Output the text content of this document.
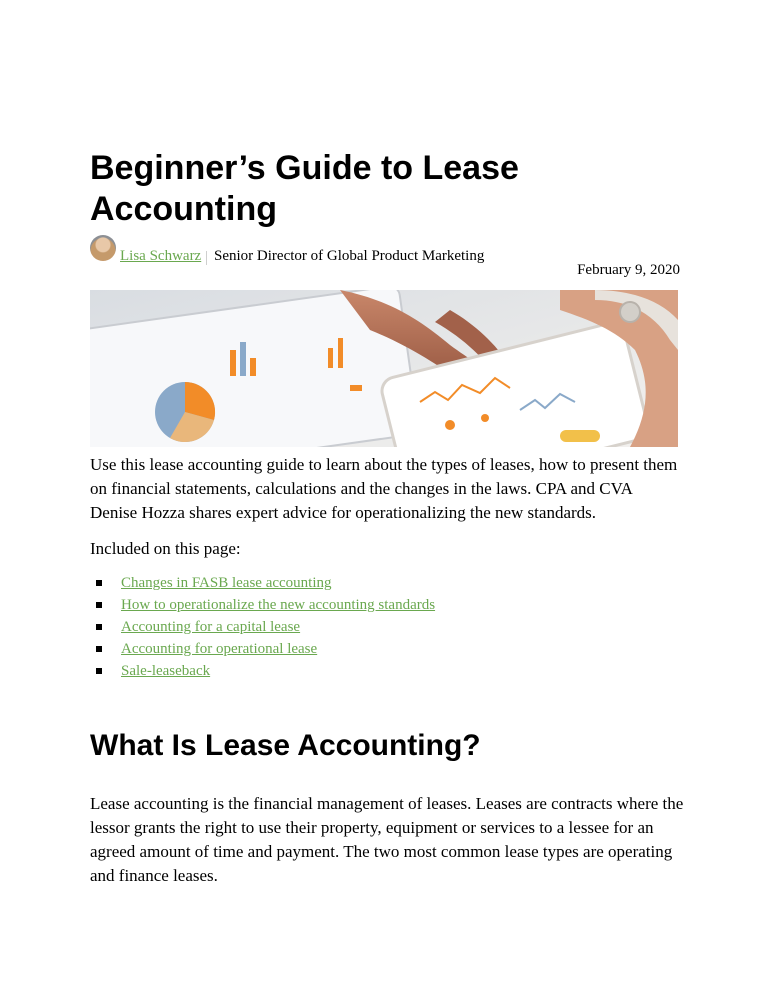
Beginner’s Guide to Lease Accounting
Lisa Schwarz Senior Director of Global Product Marketing
February 9, 2020

Use this lease accounting guide to learn about the types of leases, how to present them on financial statements, calculations and the changes in the laws. CPA and CVA Denise Hozza shares expert advice for operationalizing the new standards.

Included on this page:

Changes in FASB lease accounting
How to operationalize the new accounting standards
Accounting for a capital lease
Accounting for operational lease
Sale-leaseback
What Is Lease Accounting?

Lease accounting is the financial management of leases. Leases are contracts where the lessor grants the right to use their property, equipment or services to a lessee for an agreed amount of time and payment. The two most common lease types are operating and finance leases.
